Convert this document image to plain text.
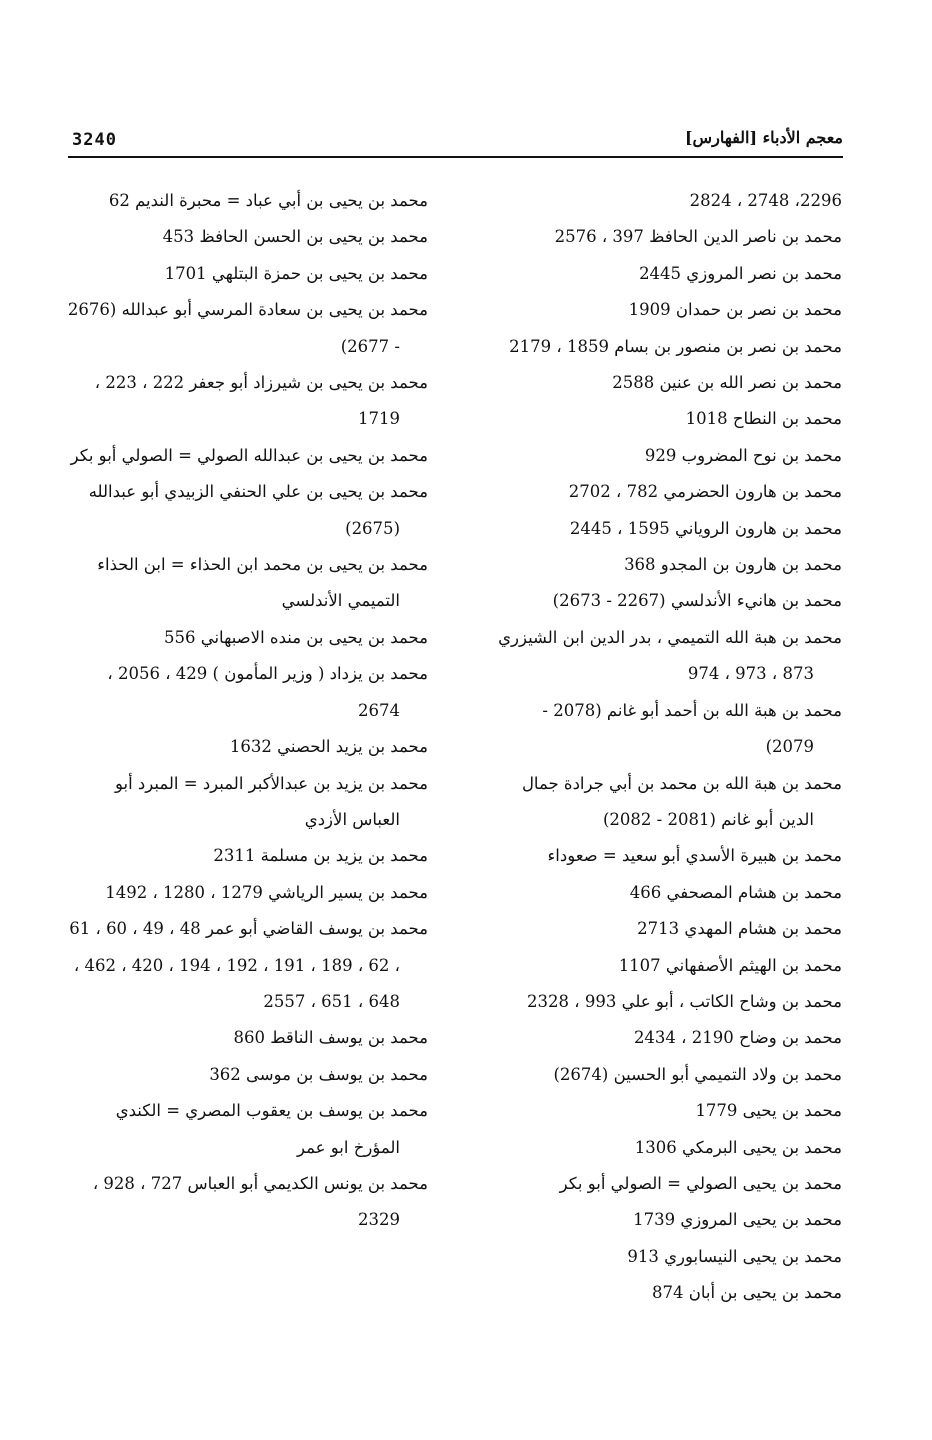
3240	معجم الأدباء [الفهارس]

2296، 2748 ، 2824

محمد بن ناصر الدين الحافظ 397 ، 2576

محمد بن نصر المروزي 2445

محمد بن نصر بن حمدان 1909

محمد بن نصر بن منصور بن بسام 1859 ، 2179

محمد بن نصر الله بن عنين 2588

محمد بن النطاح 1018

محمد بن نوح المضروب 929

محمد بن هارون الحضرمي 782 ، 2702

محمد بن هارون الروياني 1595 ، 2445

محمد بن هارون بن المجدو 368

محمد بن هانيء الأندلسي (2267 - 2673)

محمد بن هبة الله التميمي ، بدر الدين ابن الشيزري 873 ، 973 ، 974

محمد بن هبة الله بن أحمد أبو غانم (2078 - 2079)

محمد بن هبة الله بن محمد بن أبي جرادة جمال الدين أبو غانم (2081 - 2082)

محمد بن هبيرة الأسدي أبو سعيد = صعوداء

محمد بن هشام المصحفي 466

محمد بن هشام المهدي 2713

محمد بن الهيثم الأصفهاني 1107

محمد بن وشاح الكاتب ، أبو علي 993 ، 2328

محمد بن وضاح 2190 ، 2434

محمد بن ولاد التميمي أبو الحسين (2674)

محمد بن يحيى 1779

محمد بن يحيى البرمكي 1306

محمد بن يحيى الصولي = الصولي أبو بكر

محمد بن يحيى المروزي 1739

محمد بن يحيى النيسابوري 913

محمد بن يحيى بن أبان 874

محمد بن يحيى بن أبي عباد = محبرة النديم 62

محمد بن يحيى بن الحسن الحافظ 453

محمد بن يحيى بن حمزة البتلهي 1701

محمد بن يحيى بن سعادة المرسي أبو عبدالله (2676 - 2677)

محمد بن يحيى بن شيرزاد أبو جعفر 222 ، 223 ، 1719

محمد بن يحيى بن عبدالله الصولي = الصولي أبو بكر

محمد بن يحيى بن علي الحنفي الزبيدي أبو عبدالله (2675)

محمد بن يحيى بن محمد ابن الحذاء = ابن الحذاء التميمي الأندلسي

محمد بن يحيى بن منده الاصبهاني 556

محمد بن يزداد ( وزير المأمون ) 429 ، 2056 ، 2674

محمد بن يزيد الحصني 1632

محمد بن يزيد بن عبدالأكبر المبرد = المبرد أبو العباس الأزدي

محمد بن يزيد بن مسلمة 2311

محمد بن يسير الرياشي 1279 ، 1280 ، 1492

محمد بن يوسف القاضي أبو عمر 48 ، 49 ، 60 ، 61 ، 62 ، 189 ، 191 ، 192 ، 194 ، 420 ، 462 ، 648 ، 651 ، 2557

محمد بن يوسف الناقط 860

محمد بن يوسف بن موسى 362

محمد بن يوسف بن يعقوب المصري = الكندي المؤرخ ابو عمر

محمد بن يونس الكديمي أبو العباس 727 ، 928 ، 2329
